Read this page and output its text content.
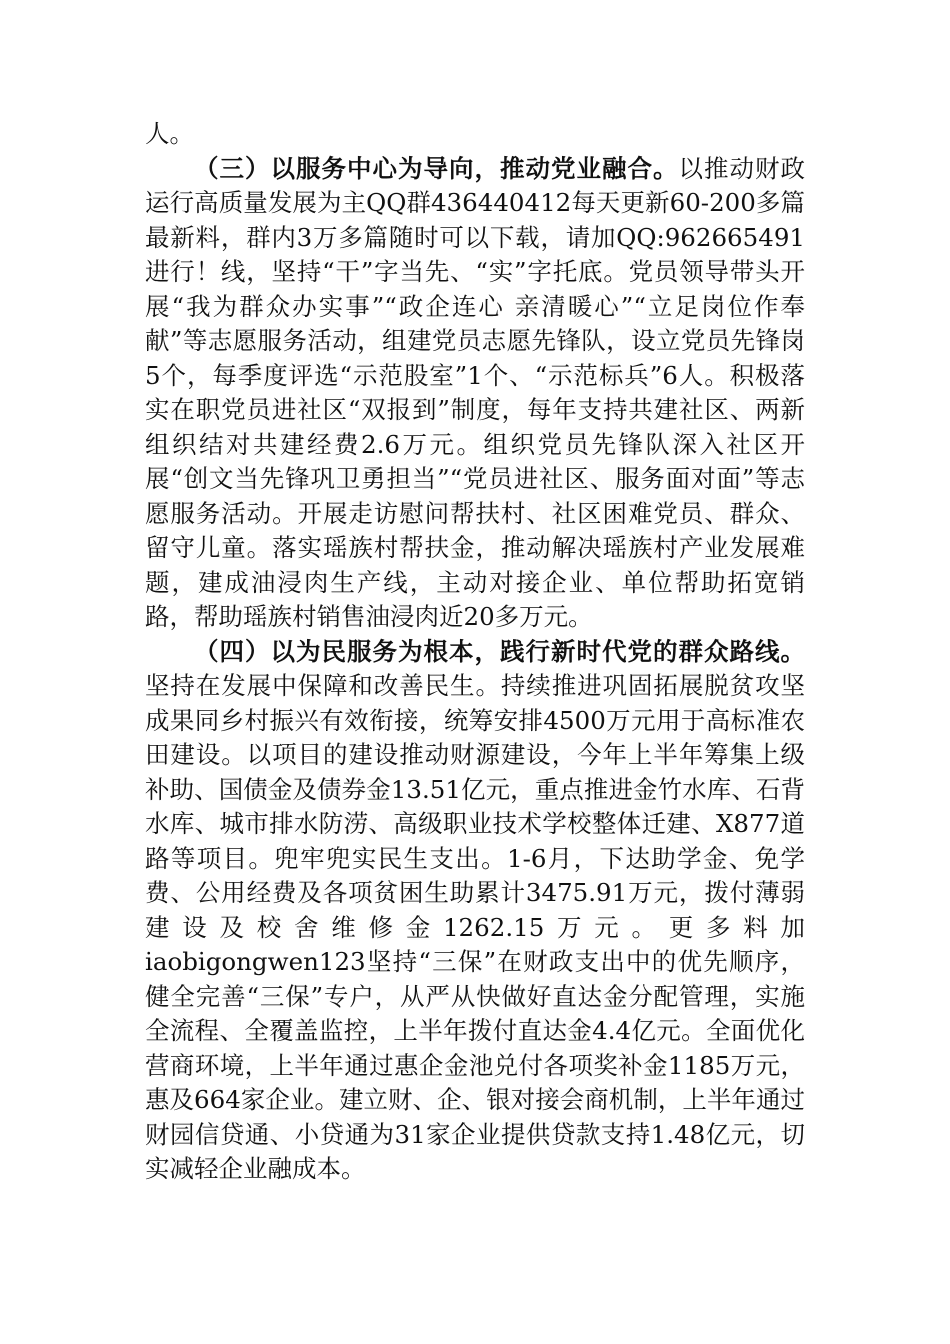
人。

（三）以服务中心为导向，推动党业融合。以推动财政运行高质量发展为主QQ群436440412每天更新60-200多篇最新料，群内3万多篇随时可以下载，请加QQ:962665491进行！线，坚持“干”字当先、“实”字托底。党员领导带头开展“我为群众办实事”“政企连心 亲清暖心”“立足岗位作奉献”等志愿服务活动，组建党员志愿先锋队，设立党员先锋岗5个，每季度评选“示范股室”1个、“示范标兵”6人。积极落实在职党员进社区“双报到”制度，每年支持共建社区、两新组织结对共建经费2.6万元。组织党员先锋队深入社区开展“创文当先锋巩卫勇担当”“党员进社区、服务面对面”等志愿服务活动。开展走访慰问帮扶村、社区困难党员、群众、留守儿童。落实瑶族村帮扶金，推动解决瑶族村产业发展难题，建成油浸肉生产线，主动对接企业、单位帮助拓宽销路，帮助瑶族村销售油浸肉近20多万元。

（四）以为民服务为根本，践行新时代党的群众路线。坚持在发展中保障和改善民生。持续推进巩固拓展脱贫攻坚成果同乡村振兴有效衔接，统筹安排4500万元用于高标准农田建设。以项目的建设推动财源建设，今年上半年筹集上级补助、国债金及债券金13.51亿元，重点推进金竹水库、石背水库、城市排水防涝、高级职业技术学校整体迁建、X877道路等项目。兜牢兜实民生支出。1-6月，下达助学金、免学费、公用经费及各项贫困生助累计3475.91万元，拨付薄弱建设及校舍维修金1262.15万元。更多料加iaobigongwen123坚持“三保”在财政支出中的优先顺序，健全完善“三保”专户，从严从快做好直达金分配管理，实施全流程、全覆盖监控，上半年拨付直达金4.4亿元。全面优化营商环境，上半年通过惠企金池兑付各项奖补金1185万元，惠及664家企业。建立财、企、银对接会商机制，上半年通过财园信贷通、小贷通为31家企业提供贷款支持1.48亿元，切实减轻企业融成本。
